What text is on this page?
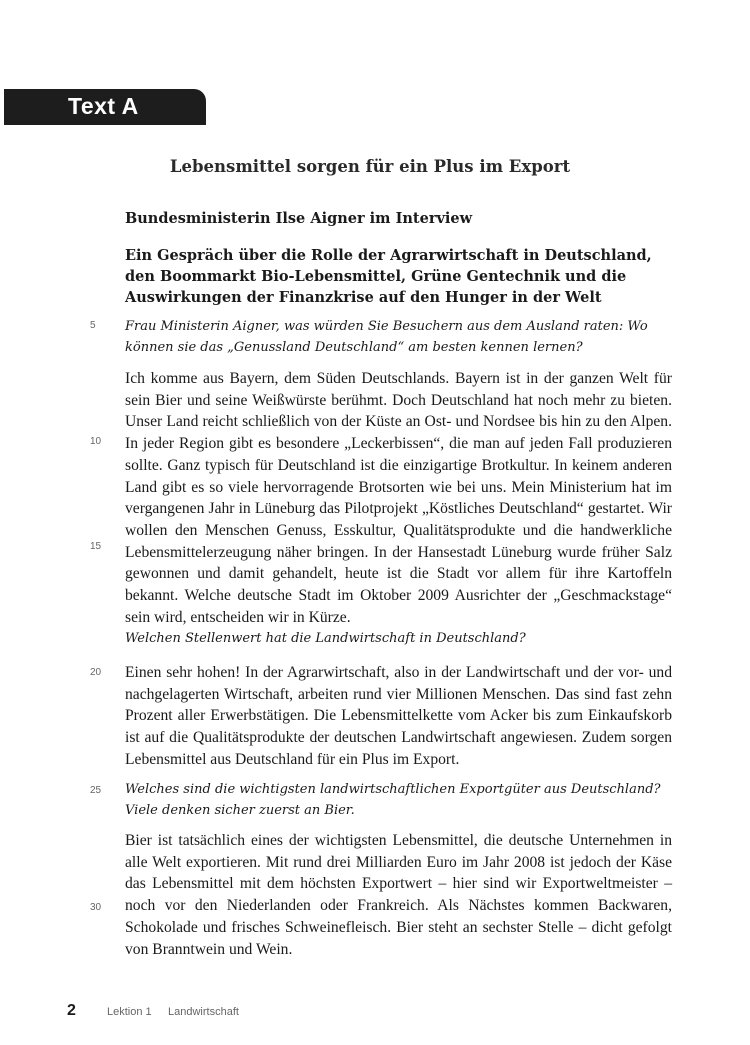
Text A
Lebensmittel sorgen für ein Plus im Export
Bundesministerin Ilse Aigner im Interview
Ein Gespräch über die Rolle der Agrarwirtschaft in Deutschland, den Boommarkt Bio-Lebensmittel, Grüne Gentechnik und die Auswirkungen der Finanzkrise auf den Hunger in der Welt
Frau Ministerin Aigner, was würden Sie Besuchern aus dem Ausland raten: Wo können sie das „Genussland Deutschland“ am besten kennen lernen?
Ich komme aus Bayern, dem Süden Deutschlands. Bayern ist in der ganzen Welt für sein Bier und seine Weißwürste berühmt. Doch Deutschland hat noch mehr zu bieten. Unser Land reicht schließlich von der Küste an Ost- und Nordsee bis hin zu den Alpen. In jeder Region gibt es besondere „Leckerbissen“, die man auf jeden Fall produzieren sollte. Ganz typisch für Deutschland ist die einzigartige Brotkultur. In keinem anderen Land gibt es so viele hervorragende Brotsorten wie bei uns. Mein Ministerium hat im vergangenen Jahr in Lüneburg das Pilotprojekt „Köstliches Deutschland“ gestartet. Wir wollen den Menschen Genuss, Esskultur, Qualitätsprodukte und die handwerkliche Lebensmittelerzeugung näher bringen. In der Hansestadt Lüneburg wurde früher Salz gewonnen und damit gehandelt, heute ist die Stadt vor allem für ihre Kartoffeln bekannt. Welche deutsche Stadt im Oktober 2009 Ausrichter der „Geschmackstage“ sein wird, entscheiden wir in Kürze.
Welchen Stellenwert hat die Landwirtschaft in Deutschland?
Einen sehr hohen! In der Agrarwirtschaft, also in der Landwirtschaft und der vor- und nachgelagerten Wirtschaft, arbeiten rund vier Millionen Menschen. Das sind fast zehn Prozent aller Erwerbstätigen. Die Lebensmittelkette vom Acker bis zum Einkaufskorb ist auf die Qualitätsprodukte der deutschen Landwirtschaft angewiesen. Zudem sorgen Lebensmittel aus Deutschland für ein Plus im Export.
Welches sind die wichtigsten landwirtschaftlichen Exportgüter aus Deutschland? Viele denken sicher zuerst an Bier.
Bier ist tatsächlich eines der wichtigsten Lebensmittel, die deutsche Unternehmen in alle Welt exportieren. Mit rund drei Milliarden Euro im Jahr 2008 ist jedoch der Käse das Lebensmittel mit dem höchsten Exportwert – hier sind wir Exportweltmeister – noch vor den Niederlanden oder Frankreich. Als Nächstes kommen Backwaren, Schokolade und frisches Schweinefleisch. Bier steht an sechster Stelle – dicht gefolgt von Branntwein und Wein.
5
10
15
20
25
30
2	Lektion 1 Landwirtschaft
